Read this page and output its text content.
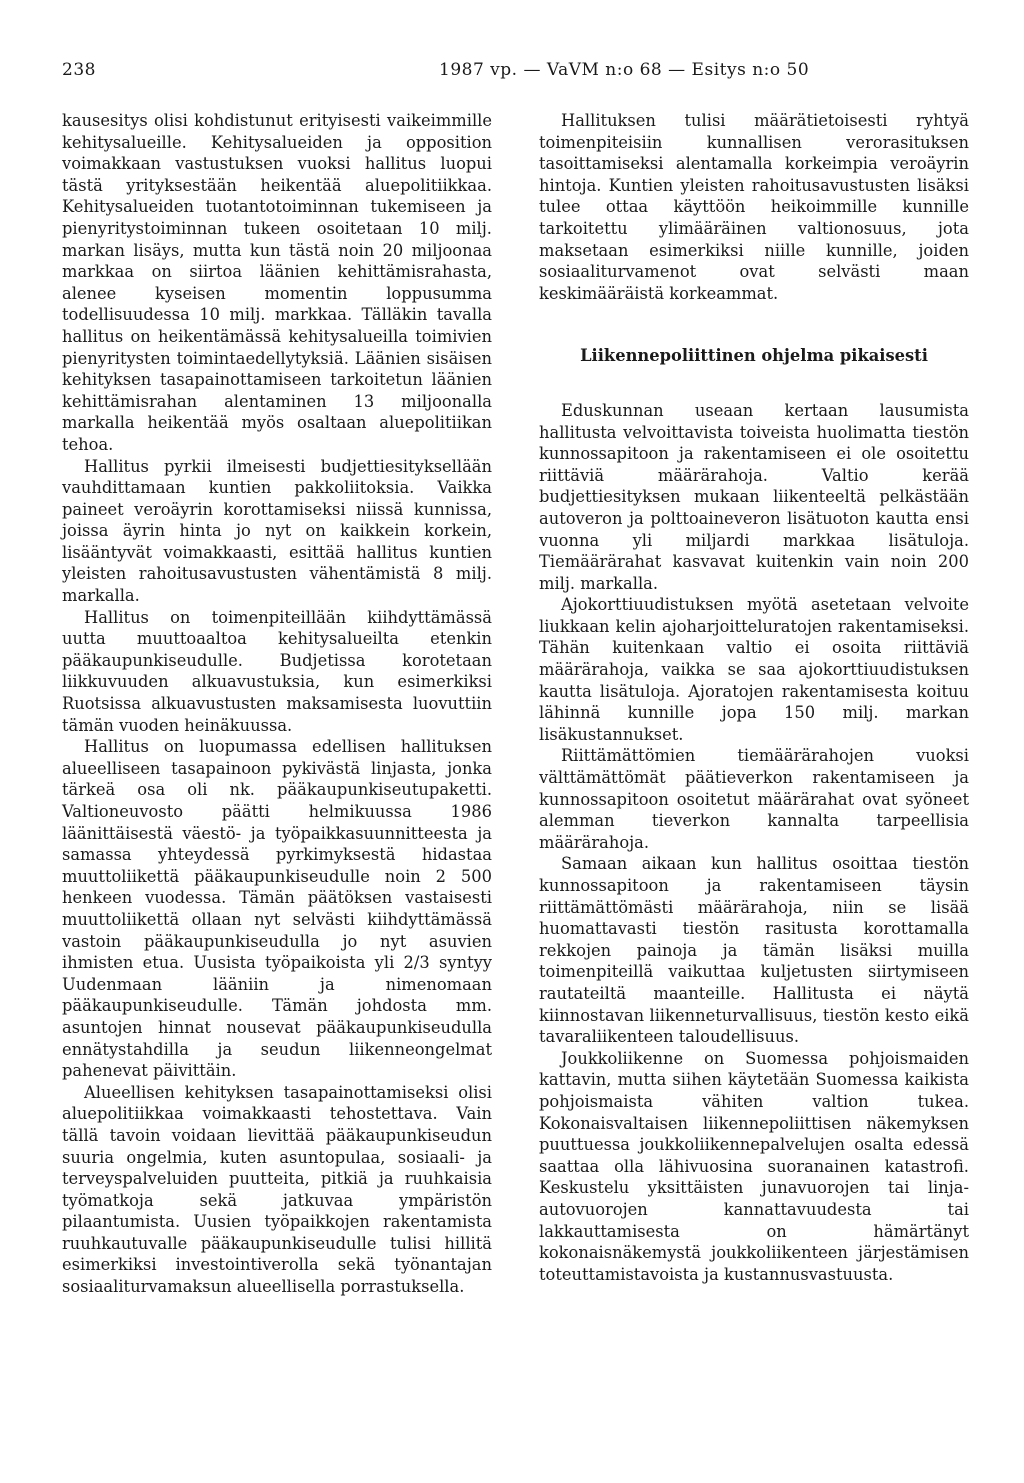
238	1987 vp. — VaVM n:o 68 — Esitys n:o 50

kausesitys olisi kohdistunut erityisesti vaikeimmille kehitysalueille. Kehitysalueiden ja opposition voimakkaan vastustuksen vuoksi hallitus luopui tästä yrityksestään heikentää aluepolitiikkaa. Kehitysalueiden tuotantotoiminnan tukemiseen ja pienyritystoiminnan tukeen osoitetaan 10 milj. markan lisäys, mutta kun tästä noin 20 miljoonaa markkaa on siirtoa läänien kehittämisrahasta, alenee kyseisen momentin loppusumma todellisuudessa 10 milj. markkaa. Tälläkin tavalla hallitus on heikentämässä kehitysalueilla toimivien pienyritysten toimintaedellytyksiä. Läänien sisäisen kehityksen tasapainottamiseen tarkoitetun läänien kehittämisrahan alentaminen 13 miljoonalla markalla heikentää myös osaltaan aluepolitiikan tehoa.

Hallitus pyrkii ilmeisesti budjettiesityksellään vauhdittamaan kuntien pakkoliitoksia. Vaikka paineet veroäyrin korottamiseksi niissä kunnissa, joissa äyrin hinta jo nyt on kaikkein korkein, lisääntyvät voimakkaasti, esittää hallitus kuntien yleisten rahoitusavustusten vähentämistä 8 milj. markalla.

Hallitus on toimenpiteillään kiihdyttämässä uutta muuttoaaltoa kehitysalueilta etenkin pääkaupunkiseudulle. Budjetissa korotetaan liikkuvuuden alkuavustuksia, kun esimerkiksi Ruotsissa alkuavustusten maksamisesta luovuttiin tämän vuoden heinäkuussa.

Hallitus on luopumassa edellisen hallituksen alueelliseen tasapainoon pykivästä linjasta, jonka tärkeä osa oli nk. pääkaupunkiseutupaketti. Valtioneuvosto päätti helmikuussa 1986 läänittäisestä väestö- ja työpaikkasuunnitteesta ja samassa yhteydessä pyrkimyksestä hidastaa muuttoliikettä pääkaupunkiseudulle noin 2 500 henkeen vuodessa. Tämän päätöksen vastaisesti muuttoliikettä ollaan nyt selvästi kiihdyttämässä vastoin pääkaupunkiseudulla jo nyt asuvien ihmisten etua. Uusista työpaikoista yli 2/3 syntyy Uudenmaan lääniin ja nimenomaan pääkaupunkiseudulle. Tämän johdosta mm. asuntojen hinnat nousevat pääkaupunkiseudulla ennätystahdilla ja seudun liikenneongelmat pahenevat päivittäin.

Alueellisen kehityksen tasapainottamiseksi olisi aluepolitiikkaa voimakkaasti tehostettava. Vain tällä tavoin voidaan lievittää pääkaupunkiseudun suuria ongelmia, kuten asuntopulaa, sosiaali- ja terveyspalveluiden puutteita, pitkiä ja ruuhkaisia työmatkoja sekä jatkuvaa ympäristön pilaantumista. Uusien työpaikkojen rakentamista ruuhkautuvalle pääkaupunkiseudulle tulisi hillitä esimerkiksi investointiverolla sekä työnantajan sosiaaliturvamaksun alueellisella porrastuksella.

Hallituksen tulisi määrätietoisesti ryhtyä toimenpiteisiin kunnallisen verorasituksen tasoittamiseksi alentamalla korkeimpia veroäyrin hintoja. Kuntien yleisten rahoitusavustusten lisäksi tulee ottaa käyttöön heikoimmille kunnille tarkoitettu ylimääräinen valtionosuus, jota maksetaan esimerkiksi niille kunnille, joiden sosiaaliturvamenot ovat selvästi maan keskimääräistä korkeammat.

Liikennepoliittinen ohjelma pikaisesti

Eduskunnan useaan kertaan lausumista hallitusta velvoittavista toiveista huolimatta tiestön kunnossapitoon ja rakentamiseen ei ole osoitettu riittäviä määrärahoja. Valtio kerää budjettiesityksen mukaan liikenteeltä pelkästään autoveron ja polttoaineveron lisätuoton kautta ensi vuonna yli miljardi markkaa lisätuloja. Tiemäärärahat kasvavat kuitenkin vain noin 200 milj. markalla.

Ajokorttiuudistuksen myötä asetetaan velvoite liukkaan kelin ajoharjoitteluratojen rakentamiseksi. Tähän kuitenkaan valtio ei osoita riittäviä määrärahoja, vaikka se saa ajokorttiuudistuksen kautta lisätuloja. Ajoratojen rakentamisesta koituu lähinnä kunnille jopa 150 milj. markan lisäkustannukset.

Riittämättömien tiemäärärahojen vuoksi välttämättömät päätieverkon rakentamiseen ja kunnossapitoon osoitetut määrärahat ovat syöneet alemman tieverkon kannalta tarpeellisia määrärahoja.

Samaan aikaan kun hallitus osoittaa tiestön kunnossapitoon ja rakentamiseen täysin riittämättömästi määrärahoja, niin se lisää huomattavasti tiestön rasitusta korottamalla rekkojen painoja ja tämän lisäksi muilla toimenpiteillä vaikuttaa kuljetusten siirtymiseen rautateiltä maanteille. Hallitusta ei näytä kiinnostavan liikenneturvallisuus, tiestön kesto eikä tavaraliikenteen taloudellisuus.

Joukkoliikenne on Suomessa pohjoismaiden kattavin, mutta siihen käytetään Suomessa kaikista pohjoismaista vähiten valtion tukea. Kokonaisvaltaisen liikennepoliittisen näkemyksen puuttuessa joukkoliikennepalvelujen osalta edessä saattaa olla lähivuosina suoranainen katastrofi. Keskustelu yksittäisten junavuorojen tai linja-autovuorojen kannattavuudesta tai lakkauttamisesta on hämärtänyt kokonaisnäkemystä joukkoliikenteen järjestämisen toteuttamistavoista ja kustannusvastuusta.
